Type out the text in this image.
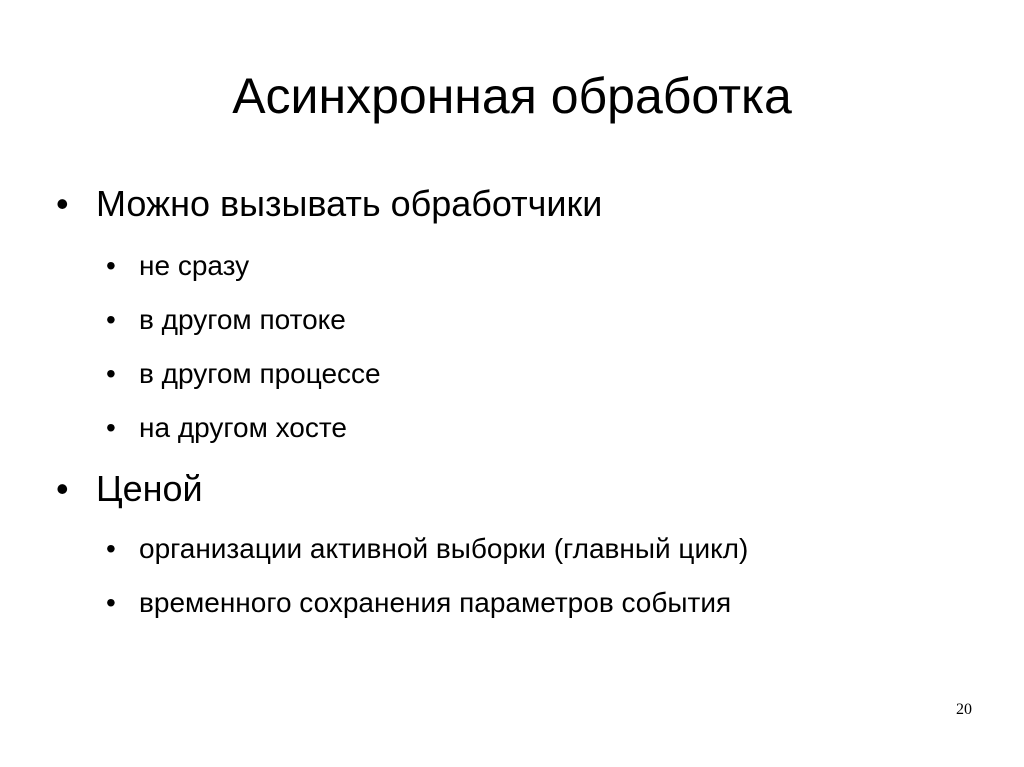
Асинхронная обработка
• Можно вызывать обработчики
• не сразу
• в другом потоке
• в другом процессе
• на другом хосте
• Ценой
• организации активной выборки (главный цикл)
• временного сохранения параметров события
20
